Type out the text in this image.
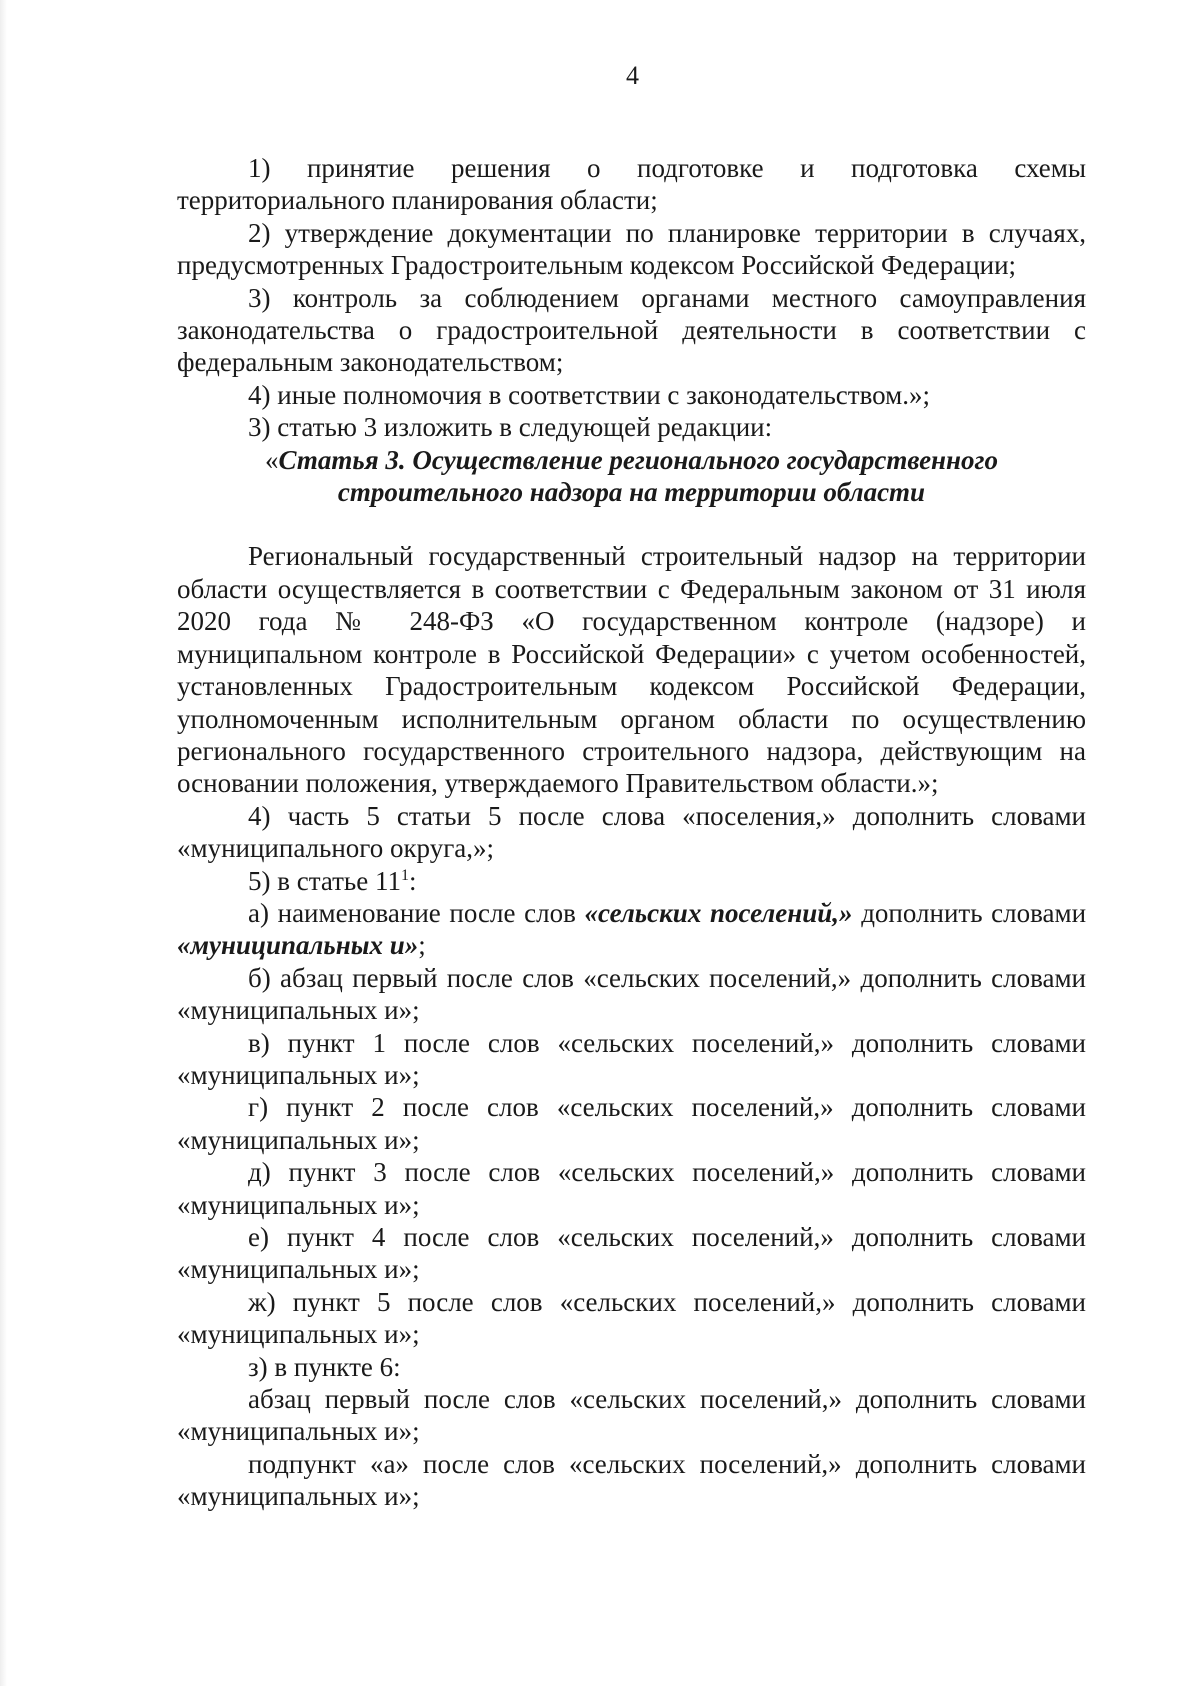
4

1) принятие решения о подготовке и подготовка схемы территориального планирования области;

2) утверждение документации по планировке территории в случаях, предусмотренных Градостроительным кодексом Российской Федерации;

3) контроль за соблюдением органами местного самоуправления законодательства о градостроительной деятельности в соответствии с федеральным законодательством;

4) иные полномочия в соответствии с законодательством.»;

3) статью 3 изложить в следующей редакции:

«Статья 3. Осуществление регионального государственного
строительного надзора на территории области

Региональный государственный строительный надзор на территории области осуществляется в соответствии с Федеральным законом от 31 июля 2020 года № 248-ФЗ «О государственном контроле (надзоре) и муниципальном контроле в Российской Федерации» с учетом особенностей, установленных Градостроительным кодексом Российской Федерации, уполномоченным исполнительным органом области по осуществлению регионального государственного строительного надзора, действующим на основании положения, утверждаемого Правительством области.»;

4) часть 5 статьи 5 после слова «поселения,» дополнить словами «муниципального округа,»;

5) в статье $11^1$:

а) наименование после слов «сельских поселений,» дополнить словами «муниципальных и»;

б) абзац первый после слов «сельских поселений,» дополнить словами «муниципальных и»;

в) пункт 1 после слов «сельских поселений,» дополнить словами «муниципальных и»;

г) пункт 2 после слов «сельских поселений,» дополнить словами «муниципальных и»;

д) пункт 3 после слов «сельских поселений,» дополнить словами «муниципальных и»;

е) пункт 4 после слов «сельских поселений,» дополнить словами «муниципальных и»;

ж) пункт 5 после слов «сельских поселений,» дополнить словами «муниципальных и»;

з) в пункте 6:

абзац первый после слов «сельских поселений,» дополнить словами «муниципальных и»;

подпункт «а» после слов «сельских поселений,» дополнить словами «муниципальных и»;
